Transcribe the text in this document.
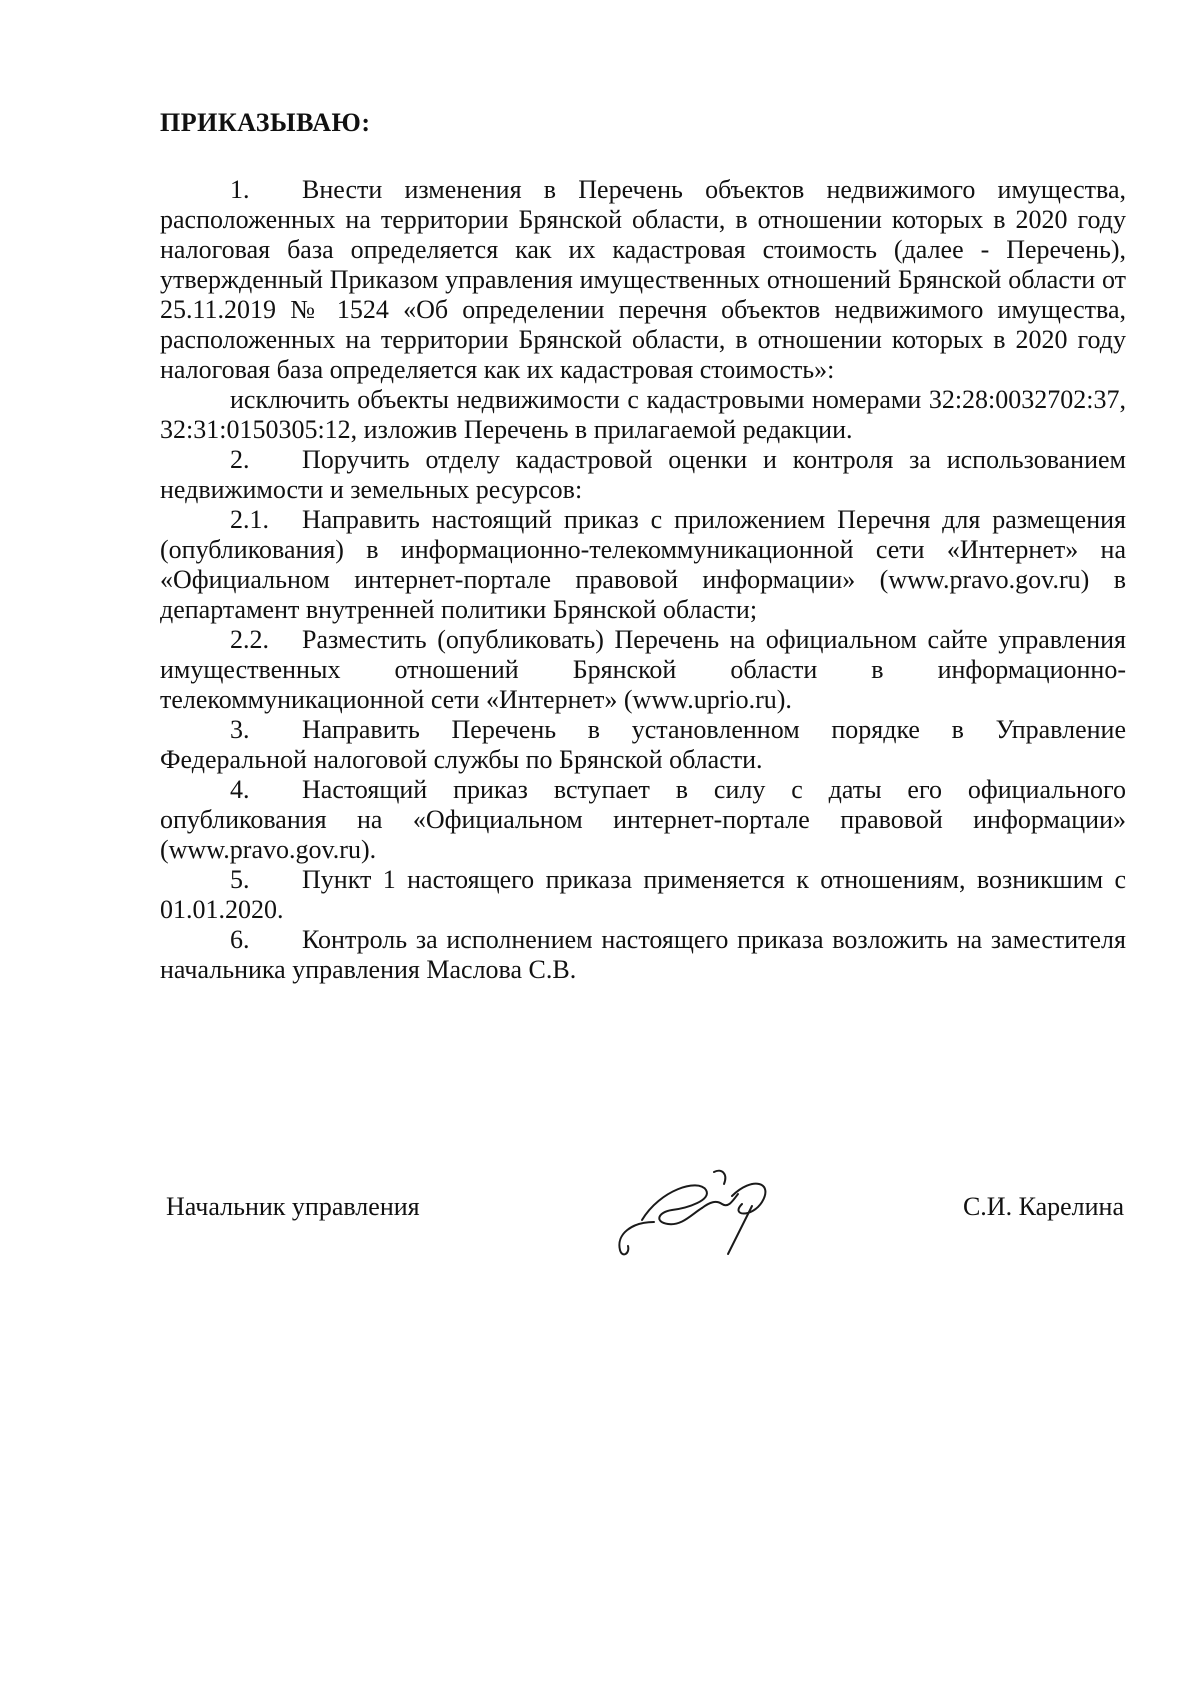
ПРИКАЗЫВАЮ:

1. Внести изменения в Перечень объектов недвижимого имущества, расположенных на территории Брянской области, в отношении которых в 2020 году налоговая база определяется как их кадастровая стоимость (далее - Перечень), утвержденный Приказом управления имущественных отношений Брянской области от 25.11.2019 № 1524 «Об определении перечня объектов недвижимого имущества, расположенных на территории Брянской области, в отношении которых в 2020 году налоговая база определяется как их кадастровая стоимость»:

исключить объекты недвижимости с кадастровыми номерами 32:28:0032702:37, 32:31:0150305:12, изложив Перечень в прилагаемой редакции.

2. Поручить отделу кадастровой оценки и контроля за использованием недвижимости и земельных ресурсов:

2.1. Направить настоящий приказ с приложением Перечня для размещения (опубликования) в информационно-телекоммуникационной сети «Интернет» на «Официальном интернет-портале правовой информации» (www.pravo.gov.ru) в департамент внутренней политики Брянской области;

2.2. Разместить (опубликовать) Перечень на официальном сайте управления имущественных отношений Брянской области в информационно-телекоммуникационной сети «Интернет» (www.uprio.ru).

3. Направить Перечень в установленном порядке в Управление Федеральной налоговой службы по Брянской области.

4. Настоящий приказ вступает в силу с даты его официального опубликования на «Официальном интернет-портале правовой информации» (www.pravo.gov.ru).

5. Пункт 1 настоящего приказа применяется к отношениям, возникшим с 01.01.2020.

6. Контроль за исполнением настоящего приказа возложить на заместителя начальника управления Маслова С.В.

Начальник управления	С.И. Карелина
